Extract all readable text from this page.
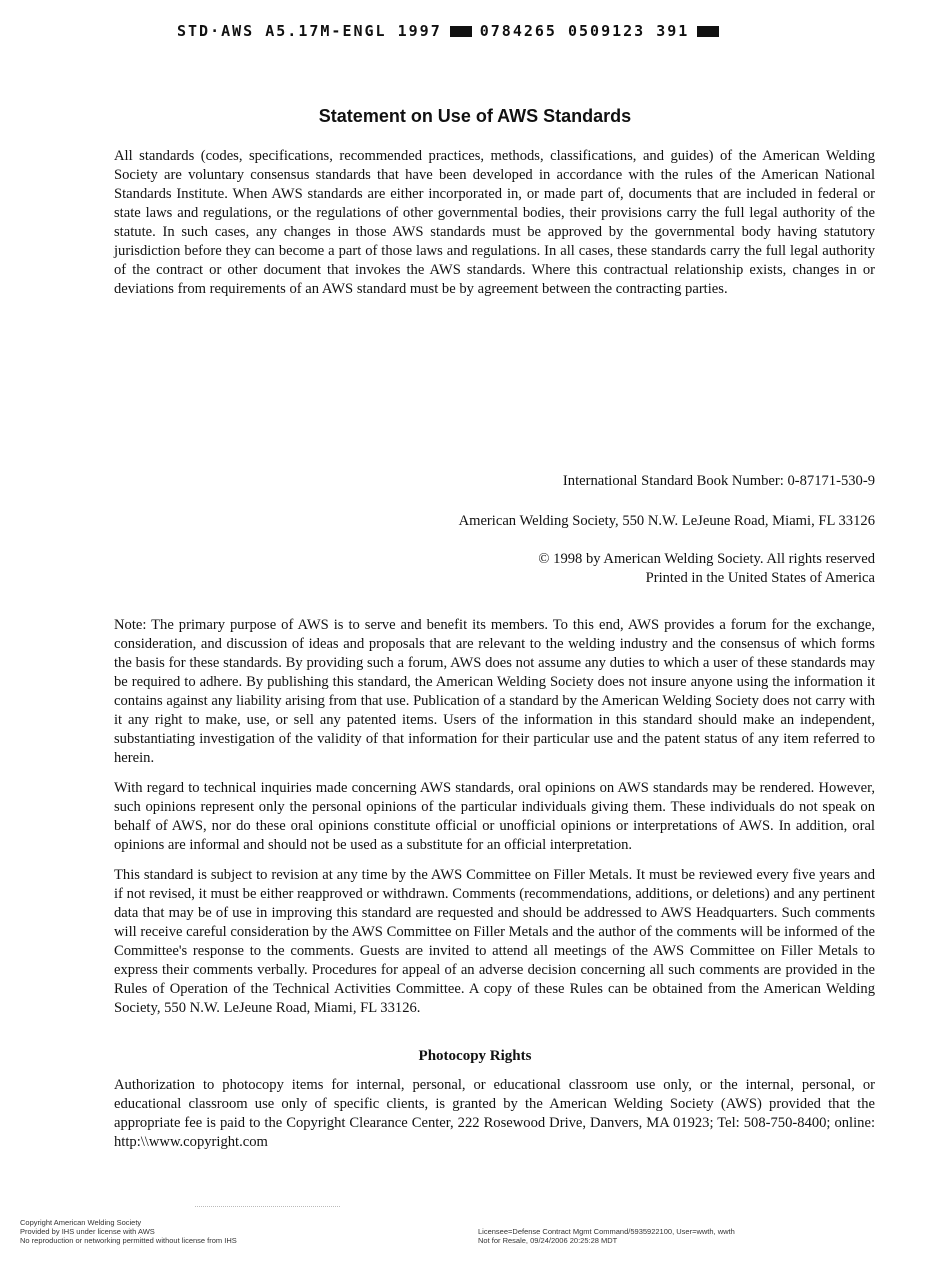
STD·AWS A5.17M-ENGL 1997	0784265 0509123 391
Statement on Use of AWS Standards

All standards (codes, specifications, recommended practices, methods, classifications, and guides) of the American Welding Society are voluntary consensus standards that have been developed in accordance with the rules of the American National Standards Institute. When AWS standards are either incorporated in, or made part of, documents that are included in federal or state laws and regulations, or the regulations of other governmental bodies, their provisions carry the full legal authority of the statute. In such cases, any changes in those AWS standards must be approved by the governmental body having statutory jurisdiction before they can become a part of those laws and regulations. In all cases, these standards carry the full legal authority of the contract or other document that invokes the AWS standards. Where this contractual relationship exists, changes in or deviations from requirements of an AWS standard must be by agreement between the contracting parties.

International Standard Book Number: 0-87171-530-9
American Welding Society, 550 N.W. LeJeune Road, Miami, FL 33126
© 1998 by American Welding Society. All rights reserved
Printed in the United States of America

Note: The primary purpose of AWS is to serve and benefit its members. To this end, AWS provides a forum for the exchange, consideration, and discussion of ideas and proposals that are relevant to the welding industry and the consensus of which forms the basis for these standards. By providing such a forum, AWS does not assume any duties to which a user of these standards may be required to adhere. By publishing this standard, the American Welding Society does not insure anyone using the information it contains against any liability arising from that use. Publication of a standard by the American Welding Society does not carry with it any right to make, use, or sell any patented items. Users of the information in this standard should make an independent, substantiating investigation of the validity of that information for their particular use and the patent status of any item referred to herein.

With regard to technical inquiries made concerning AWS standards, oral opinions on AWS standards may be rendered. However, such opinions represent only the personal opinions of the particular individuals giving them. These individuals do not speak on behalf of AWS, nor do these oral opinions constitute official or unofficial opinions or interpretations of AWS. In addition, oral opinions are informal and should not be used as a substitute for an official interpretation.

This standard is subject to revision at any time by the AWS Committee on Filler Metals. It must be reviewed every five years and if not revised, it must be either reapproved or withdrawn. Comments (recommendations, additions, or deletions) and any pertinent data that may be of use in improving this standard are requested and should be addressed to AWS Headquarters. Such comments will receive careful consideration by the AWS Committee on Filler Metals and the author of the comments will be informed of the Committee's response to the comments. Guests are invited to attend all meetings of the AWS Committee on Filler Metals to express their comments verbally. Procedures for appeal of an adverse decision concerning all such comments are provided in the Rules of Operation of the Technical Activities Committee. A copy of these Rules can be obtained from the American Welding Society, 550 N.W. LeJeune Road, Miami, FL 33126.

Photocopy Rights

Authorization to photocopy items for internal, personal, or educational classroom use only, or the internal, personal, or educational classroom use only of specific clients, is granted by the American Welding Society (AWS) provided that the appropriate fee is paid to the Copyright Clearance Center, 222 Rosewood Drive, Danvers, MA 01923; Tel: 508-750-8400; online: http:\\www.copyright.com

Copyright American Welding Society
Provided by IHS under license with AWS
No reproduction or networking permitted without license from IHS
Licensee=Defense Contract Mgmt Command/5935922100, User=wwth, wwth
Not for Resale, 09/24/2006 20:25:28 MDT
